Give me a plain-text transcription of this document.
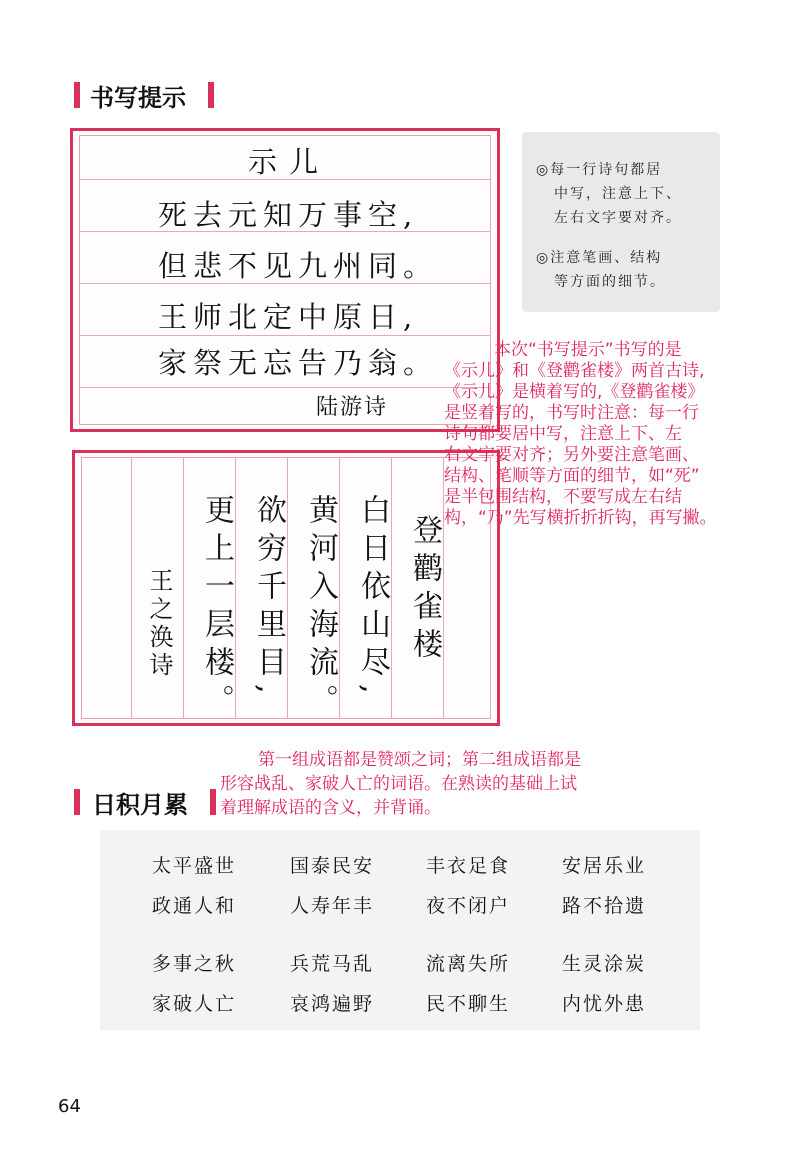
书写提示
示儿
死去元知万事空,
但悲不见九州同。
王师北定中原日,
家祭无忘告乃翁。
陆游诗

◎每一行诗句都居

中写，注意上下、

左右文字要对齐。

◎注意笔画、结构

等方面的细节。

登鹳雀楼
白日依山尽,
黄河入海流。
欲穷千里目,
更上一层楼。
王之涣诗
本次“书写提示”书写的是
《示儿》和《登鹳雀楼》两首古诗,
《示儿》是横着写的,《登鹳雀楼》
是竖着写的，书写时注意：每一行
诗句都要居中写，注意上下、左
右文字要对齐；另外要注意笔画、
结构、笔顺等方面的细节，如“死”
是半包围结构，不要写成左右结
构，“乃”先写横折折折钩，再写撇。
第一组成语都是赞颂之词；第二组成语都是
形容战乱、家破人亡的词语。在熟读的基础上试
着理解成语的含义，并背诵。
日积月累
太平盛世	国泰民安	丰衣足食	安居乐业
政通人和	人寿年丰	夜不闭户	路不拾遗
多事之秋	兵荒马乱	流离失所	生灵涂炭
家破人亡	哀鸿遍野	民不聊生	内忧外患
64
